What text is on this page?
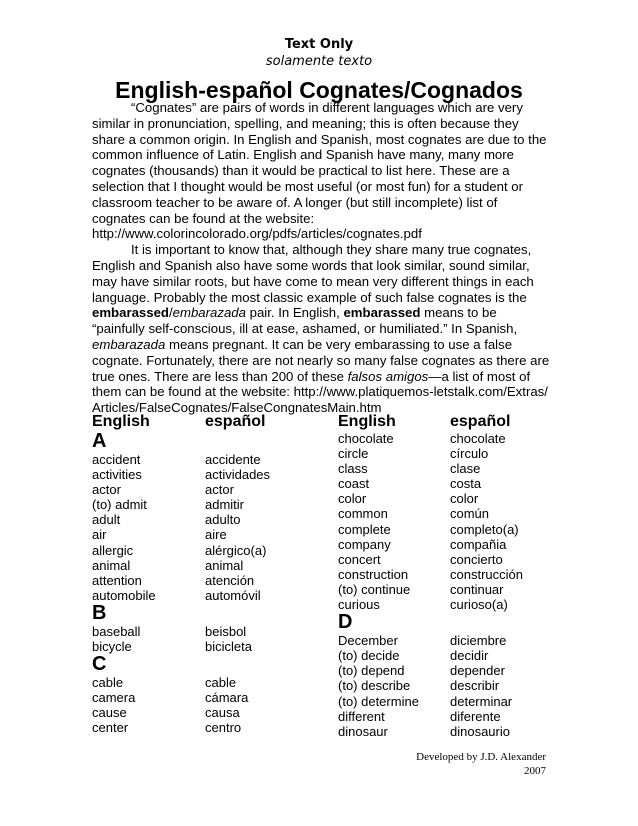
Text Only
solamente texto
English-español Cognates/Cognados

“Cognates” are pairs of words in different languages which are very similar in pronunciation, spelling, and meaning; this is often because they share a common origin. In English and Spanish, most cognates are due to the common influence of Latin. English and Spanish have many, many more cognates (thousands) than it would be practical to list here. These are a selection that I thought would be most useful (or most fun) for a student or classroom teacher to be aware of. A longer (but still incomplete) list of cognates can be found at the website: http://www.colorincolorado.org/pdfs/articles/cognates.pdf

It is important to know that, although they share many true cognates, English and Spanish also have some words that look similar, sound similar, may have similar roots, but have come to mean very different things in each language. Probably the most classic example of such false cognates is the embarassed/embarazada pair. In English, embarassed means to be “painfully self-conscious, ill at ease, ashamed, or humiliated.” In Spanish, embarazada means pregnant. It can be very embarassing to use a false cognate. Fortunately, there are not nearly so many false cognates as there are true ones. There are less than 200 of these falsos amigos—a list of most of them can be found at the website: http://www.platiquemos-letstalk.com/Extras/Articles/FalseCognates/FalseCongnatesMain.htm

English
A
accident
activities
actor
(to) admit
adult
air
allergic
animal
attention
automobile
B
baseball
bicycle
C
cable
camera
cause
center
español
accidente
actividades
actor
admitir
adulto
aire
alérgico(a)
animal
atención
automóvil
beisbol
bicicleta
cable
cámara
causa
centro
English
chocolate
circle
class
coast
color
common
complete
company
concert
construction
(to) continue
curious
D
December
(to) decide
(to) depend
(to) describe
(to) determine
different
dinosaur
español
chocolate
círculo
clase
costa
color
común
completo(a)
compañia
concierto
construcción
continuar
curioso(a)
diciembre
decidir
depender
describir
determinar
diferente
dinosaurio
Developed by J.D. Alexander
2007
